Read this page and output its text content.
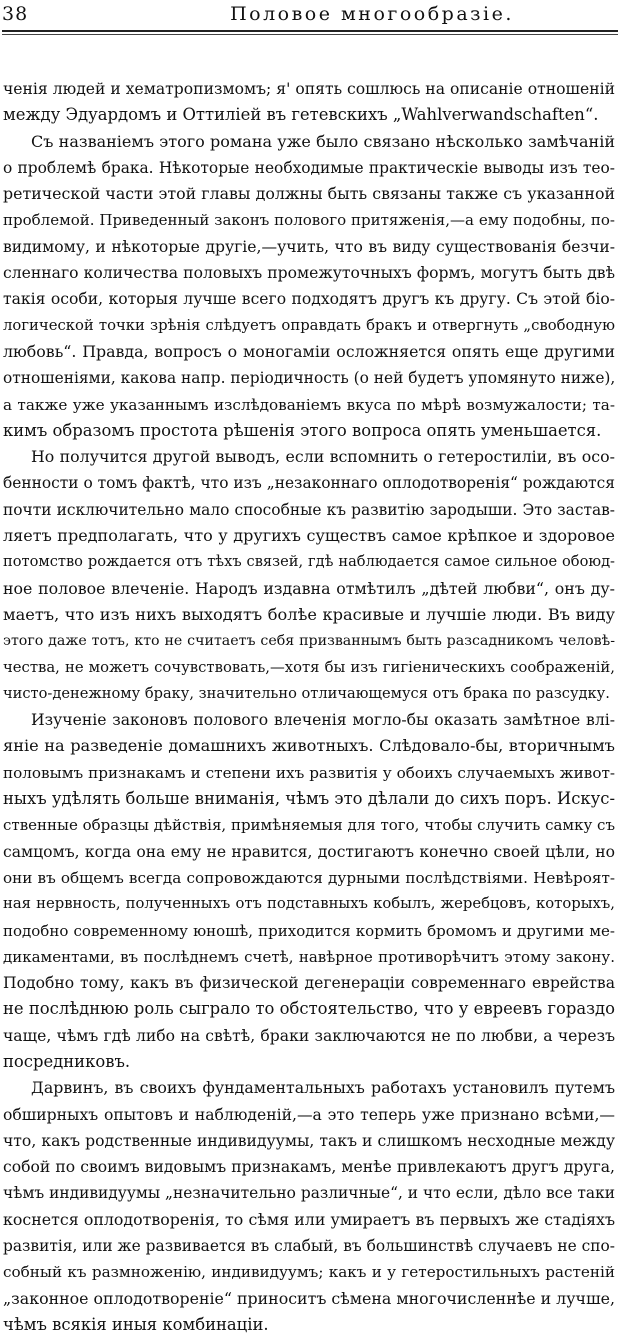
38	Половое многообразіе.
ченія людей и хематропизмомъ; я' опять сошлюсь на описаніе отношеній
между Эдуардомъ и Оттиліей въ гетевскихъ „Wahlverwandschaften“.
Съ названіемъ этого романа уже было связано нѣсколько замѣчаній
о проблемѣ брака. Нѣкоторые необходимые практическіе выводы изъ тео-
ретической части этой главы должны быть связаны также съ указанной
проблемой. Приведенный законъ полового притяженія,—а ему подобны, по-
видимому, и нѣкоторые другіе,—учить, что въ виду существованія безчи-
сленнаго количества половыхъ промежуточныхъ формъ, могутъ быть двѣ
такія особи, которыя лучше всего подходятъ другъ къ другу. Съ этой біо-
логической точки зрѣнія слѣдуетъ оправдать бракъ и отвергнуть „свободную
любовь“. Правда, вопросъ о моногаміи осложняется опять еще другими
отношеніями, какова напр. періодичность (о ней будетъ упомянуто ниже),
а также уже указаннымъ изслѣдованіемъ вкуса по мѣрѣ возмужалости; та-
кимъ образомъ простота рѣшенія этого вопроса опять уменьшается.
Но получится другой выводъ, если вспомнить о гетеростиліи, въ осо-
бенности о томъ фактѣ, что изъ „незаконнаго оплодотворенія“ рождаются
почти исключительно мало способные къ развитію зародыши. Это застав-
ляетъ предполагать, что у другихъ существъ самое крѣпкое и здоровое
потомство рождается отъ тѣхъ связей, гдѣ наблюдается самое сильное обоюд-
ное половое влеченіе. Народъ издавна отмѣтилъ „дѣтей любви“, онъ ду-
маетъ, что изъ нихъ выходятъ болѣе красивые и лучшіе люди. Въ виду
этого даже тотъ, кто не считаетъ себя призваннымъ быть разсадникомъ человѣ-
чества, не можетъ сочувствовать,—хотя бы изъ гигіеническихъ соображеній,
чисто-денежному браку, значительно отличающемуся отъ брака по разсудку.
Изученіе законовъ полового влеченія могло-бы оказать замѣтное влі-
яніе на разведеніе домашнихъ животныхъ. Слѣдовало-бы, вторичнымъ
половымъ признакамъ и степени ихъ развитія у обоихъ случаемыхъ живот-
ныхъ удѣлять больше вниманія, чѣмъ это дѣлали до сихъ поръ. Искус-
ственные образцы дѣйствія, примѣняемыя для того, чтобы случить самку съ
самцомъ, когда она ему не нравится, достигаютъ конечно своей цѣли, но
они въ общемъ всегда сопровождаются дурными послѣдствіями. Невѣроят-
ная нервность, полученныхъ отъ подставныхъ кобылъ, жеребцовъ, которыхъ,
подобно современному юношѣ, приходится кормить бромомъ и другими ме-
дикаментами, въ послѣднемъ счетѣ, навѣрное противорѣчитъ этому закону.
Подобно тому, какъ въ физической дегенераціи современнаго еврейства
не послѣднюю роль сыграло то обстоятельство, что у евреевъ гораздо
чаще, чѣмъ гдѣ либо на свѣтѣ, браки заключаются не по любви, а черезъ
посредниковъ.
Дарвинъ, въ своихъ фундаментальныхъ работахъ установилъ путемъ
обширныхъ опытовъ и наблюденій,—а это теперь уже признано всѣми,—
что, какъ родственные индивидуумы, такъ и слишкомъ несходные между
собой по своимъ видовымъ признакамъ, менѣе привлекаютъ другъ друга,
чѣмъ индивидуумы „незначительно различные“, и что если, дѣло все таки
коснется оплодотворенія, то сѣмя или умираетъ въ первыхъ же стадіяхъ
развитія, или же развивается въ слабый, въ большинствѣ случаевъ не спо-
собный къ размноженію, индивидуумъ; какъ и у гетеростильныхъ растеній
„законное оплодотвореніе“ приноситъ сѣмена многочисленнѣе и лучше,
чѣмъ всякія иныя комбинаціи.
